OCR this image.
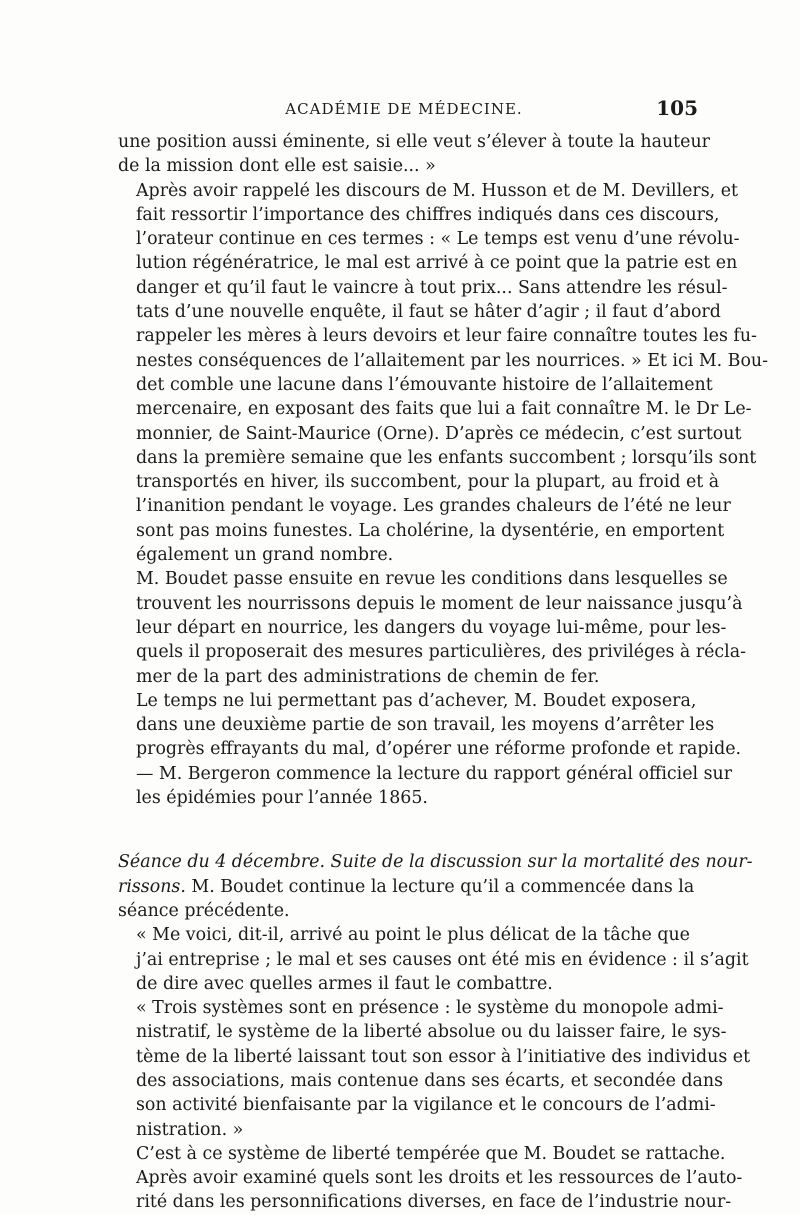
ACADÉMIE DE MÉDECINE.	105

une position aussi éminente, si elle veut s’élever à toute la hauteur
de la mission dont elle est saisie... »

Après avoir rappelé les discours de M. Husson et de M. Devillers, et
fait ressortir l’importance des chiffres indiqués dans ces discours,
l’orateur continue en ces termes : « Le temps est venu d’une révolu-
lution régénératrice, le mal est arrivé à ce point que la patrie est en
danger et qu’il faut le vaincre à tout prix... Sans attendre les résul-
tats d’une nouvelle enquête, il faut se hâter d’agir ; il faut d’abord
rappeler les mères à leurs devoirs et leur faire connaître toutes les fu-
nestes conséquences de l’allaitement par les nourrices. » Et ici M. Bou-
det comble une lacune dans l’émouvante histoire de l’allaitement
mercenaire, en exposant des faits que lui a fait connaître M. le Dr Le-
monnier, de Saint-Maurice (Orne). D’après ce médecin, c’est surtout
dans la première semaine que les enfants succombent ; lorsqu’ils sont
transportés en hiver, ils succombent, pour la plupart, au froid et à
l’inanition pendant le voyage. Les grandes chaleurs de l’été ne leur
sont pas moins funestes. La cholérine, la dysentérie, en emportent
également un grand nombre.

M. Boudet passe ensuite en revue les conditions dans lesquelles se
trouvent les nourrissons depuis le moment de leur naissance jusqu’à
leur départ en nourrice, les dangers du voyage lui-même, pour les-
quels il proposerait des mesures particulières, des priviléges à récla-
mer de la part des administrations de chemin de fer.

Le temps ne lui permettant pas d’achever, M. Boudet exposera,
dans une deuxième partie de son travail, les moyens d’arrêter les
progrès effrayants du mal, d’opérer une réforme profonde et rapide.

— M. Bergeron commence la lecture du rapport général officiel sur
les épidémies pour l’année 1865.

Séance du 4 décembre. Suite de la discussion sur la mortalité des nour-
rissons. M. Boudet continue la lecture qu’il a commencée dans la
séance précédente.

« Me voici, dit-il, arrivé au point le plus délicat de la tâche que
j’ai entreprise ; le mal et ses causes ont été mis en évidence : il s’agit
de dire avec quelles armes il faut le combattre.

« Trois systèmes sont en présence : le système du monopole admi-
nistratif, le système de la liberté absolue ou du laisser faire, le sys-
tème de la liberté laissant tout son essor à l’initiative des individus et
des associations, mais contenue dans ses écarts, et secondée dans
son activité bienfaisante par la vigilance et le concours de l’admi-
nistration. »

C’est à ce système de liberté tempérée que M. Boudet se rattache.
Après avoir examiné quels sont les droits et les ressources de l’auto-
rité dans les personnifications diverses, en face de l’industrie nour-
